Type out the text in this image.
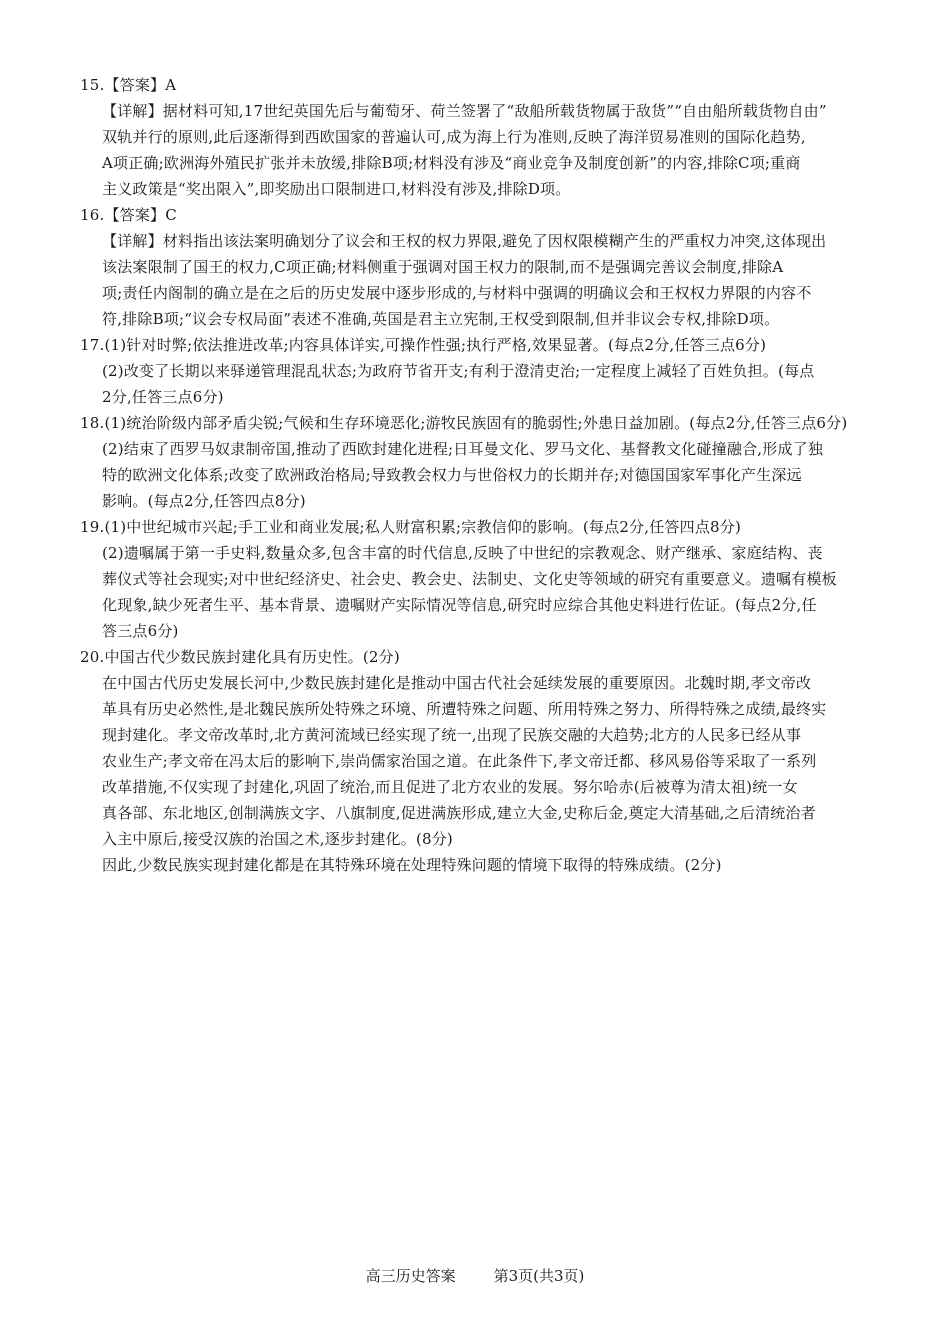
15.【答案】A
【详解】据材料可知,17世纪英国先后与葡萄牙、荷兰签署了“敌船所载货物属于敌货”“自由船所载货物自由”
双轨并行的原则,此后逐渐得到西欧国家的普遍认可,成为海上行为准则,反映了海洋贸易准则的国际化趋势,
A项正确;欧洲海外殖民扩张并未放缓,排除B项;材料没有涉及“商业竞争及制度创新”的内容,排除C项;重商
主义政策是“奖出限入”,即奖励出口限制进口,材料没有涉及,排除D项。
16.【答案】C
【详解】材料指出该法案明确划分了议会和王权的权力界限,避免了因权限模糊产生的严重权力冲突,这体现出
该法案限制了国王的权力,C项正确;材料侧重于强调对国王权力的限制,而不是强调完善议会制度,排除A
项;责任内阁制的确立是在之后的历史发展中逐步形成的,与材料中强调的明确议会和王权权力界限的内容不
符,排除B项;“议会专权局面”表述不准确,英国是君主立宪制,王权受到限制,但并非议会专权,排除D项。
17.(1)针对时弊;依法推进改革;内容具体详实,可操作性强;执行严格,效果显著。(每点2分,任答三点6分)
(2)改变了长期以来驿递管理混乱状态;为政府节省开支;有利于澄清吏治;一定程度上减轻了百姓负担。(每点
2分,任答三点6分)
18.(1)统治阶级内部矛盾尖锐;气候和生存环境恶化;游牧民族固有的脆弱性;外患日益加剧。(每点2分,任答三点6分)
(2)结束了西罗马奴隶制帝国,推动了西欧封建化进程;日耳曼文化、罗马文化、基督教文化碰撞融合,形成了独
特的欧洲文化体系;改变了欧洲政治格局;导致教会权力与世俗权力的长期并存;对德国国家军事化产生深远
影响。(每点2分,任答四点8分)
19.(1)中世纪城市兴起;手工业和商业发展;私人财富积累;宗教信仰的影响。(每点2分,任答四点8分)
(2)遗嘱属于第一手史料,数量众多,包含丰富的时代信息,反映了中世纪的宗教观念、财产继承、家庭结构、丧
葬仪式等社会现实;对中世纪经济史、社会史、教会史、法制史、文化史等领域的研究有重要意义。遗嘱有模板
化现象,缺少死者生平、基本背景、遗嘱财产实际情况等信息,研究时应综合其他史料进行佐证。(每点2分,任
答三点6分)
20.中国古代少数民族封建化具有历史性。(2分)
在中国古代历史发展长河中,少数民族封建化是推动中国古代社会延续发展的重要原因。北魏时期,孝文帝改
革具有历史必然性,是北魏民族所处特殊之环境、所遭特殊之问题、所用特殊之努力、所得特殊之成绩,最终实
现封建化。孝文帝改革时,北方黄河流域已经实现了统一,出现了民族交融的大趋势;北方的人民多已经从事
农业生产;孝文帝在冯太后的影响下,崇尚儒家治国之道。在此条件下,孝文帝迁都、移风易俗等采取了一系列
改革措施,不仅实现了封建化,巩固了统治,而且促进了北方农业的发展。努尔哈赤(后被尊为清太祖)统一女
真各部、东北地区,创制满族文字、八旗制度,促进满族形成,建立大金,史称后金,奠定大清基础,之后清统治者
入主中原后,接受汉族的治国之术,逐步封建化。(8分)
因此,少数民族实现封建化都是在其特殊环境在处理特殊问题的情境下取得的特殊成绩。(2分)
高三历史答案	第3页(共3页)
